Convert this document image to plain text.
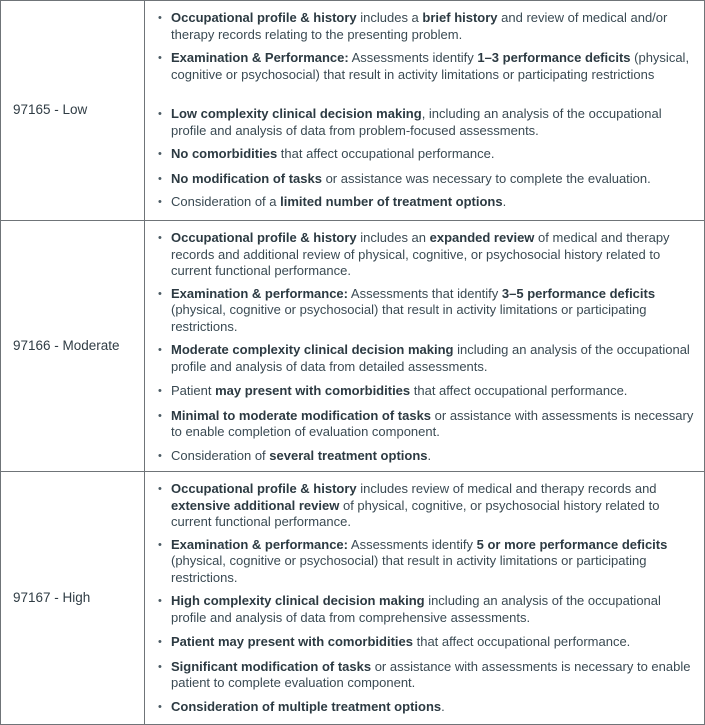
97165 - Low
• Occupational profile & history includes a brief history and review of medical and/or therapy records relating to the presenting problem.
• Examination & Performance: Assessments identify 1–3 performance deficits (physical, cognitive or psychosocial) that result in activity limitations or participating restrictions
• Low complexity clinical decision making, including an analysis of the occupational profile and analysis of data from problem-focused assessments.
• No comorbidities that affect occupational performance.
• No modification of tasks or assistance was necessary to complete the evaluation.
• Consideration of a limited number of treatment options.
97166 - Moderate
• Occupational profile & history includes an expanded review of medical and therapy records and additional review of physical, cognitive, or psychosocial history related to current functional performance.
• Examination & performance: Assessments that identify 3–5 performance deficits (physical, cognitive or psychosocial) that result in activity limitations or participating restrictions.
• Moderate complexity clinical decision making including an analysis of the occupational profile and analysis of data from detailed assessments.
• Patient may present with comorbidities that affect occupational performance.
• Minimal to moderate modification of tasks or assistance with assessments is necessary to enable completion of evaluation component.
• Consideration of several treatment options.
97167 - High
• Occupational profile & history includes review of medical and therapy records and extensive additional review of physical, cognitive, or psychosocial history related to current functional performance.
• Examination & performance: Assessments identify 5 or more performance deficits (physical, cognitive or psychosocial) that result in activity limitations or participating restrictions.
• High complexity clinical decision making including an analysis of the occupational profile and analysis of data from comprehensive assessments.
• Patient may present with comorbidities that affect occupational performance.
• Significant modification of tasks or assistance with assessments is necessary to enable patient to complete evaluation component.
• Consideration of multiple treatment options.
